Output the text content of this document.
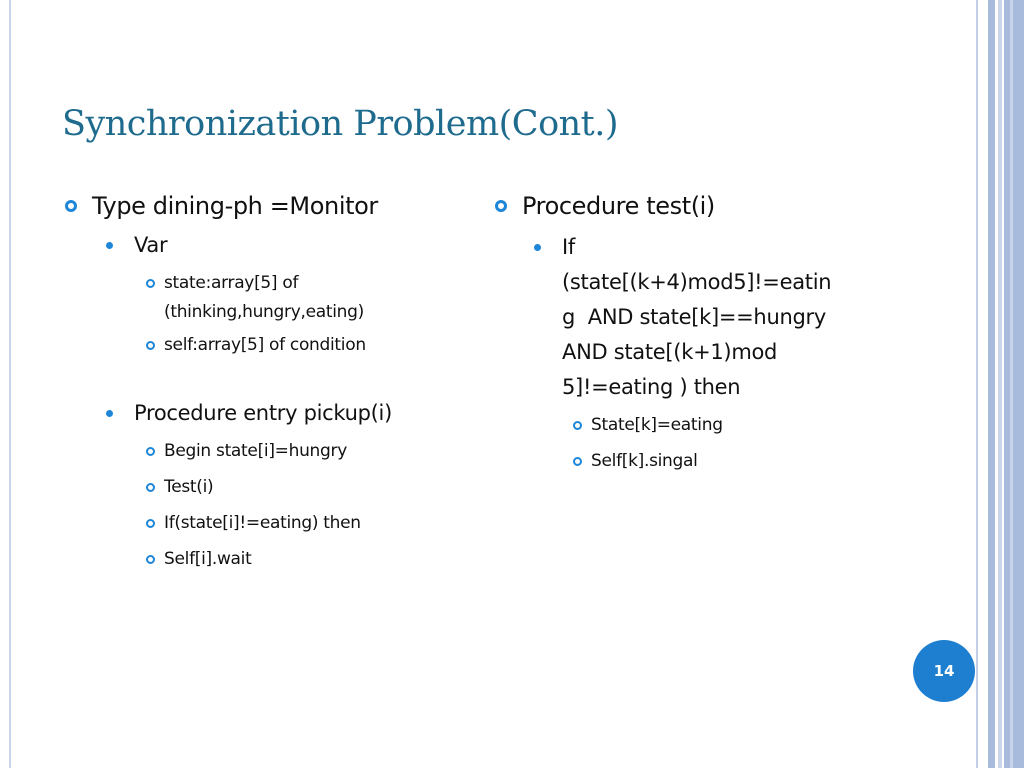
Synchronization Problem(Cont.)
Type dining-ph =Monitor
Var
state:array[5] of
(thinking,hungry,eating)
self:array[5] of condition
Procedure entry pickup(i)
Begin state[i]=hungry
Test(i)
If(state[i]!=eating) then
Self[i].wait
Procedure test(i)
If
(state[(k+4)mod5]!=eatin
g  AND state[k]==hungry
AND state[(k+1)mod
5]!=eating ) then
State[k]=eating
Self[k].singal
14
